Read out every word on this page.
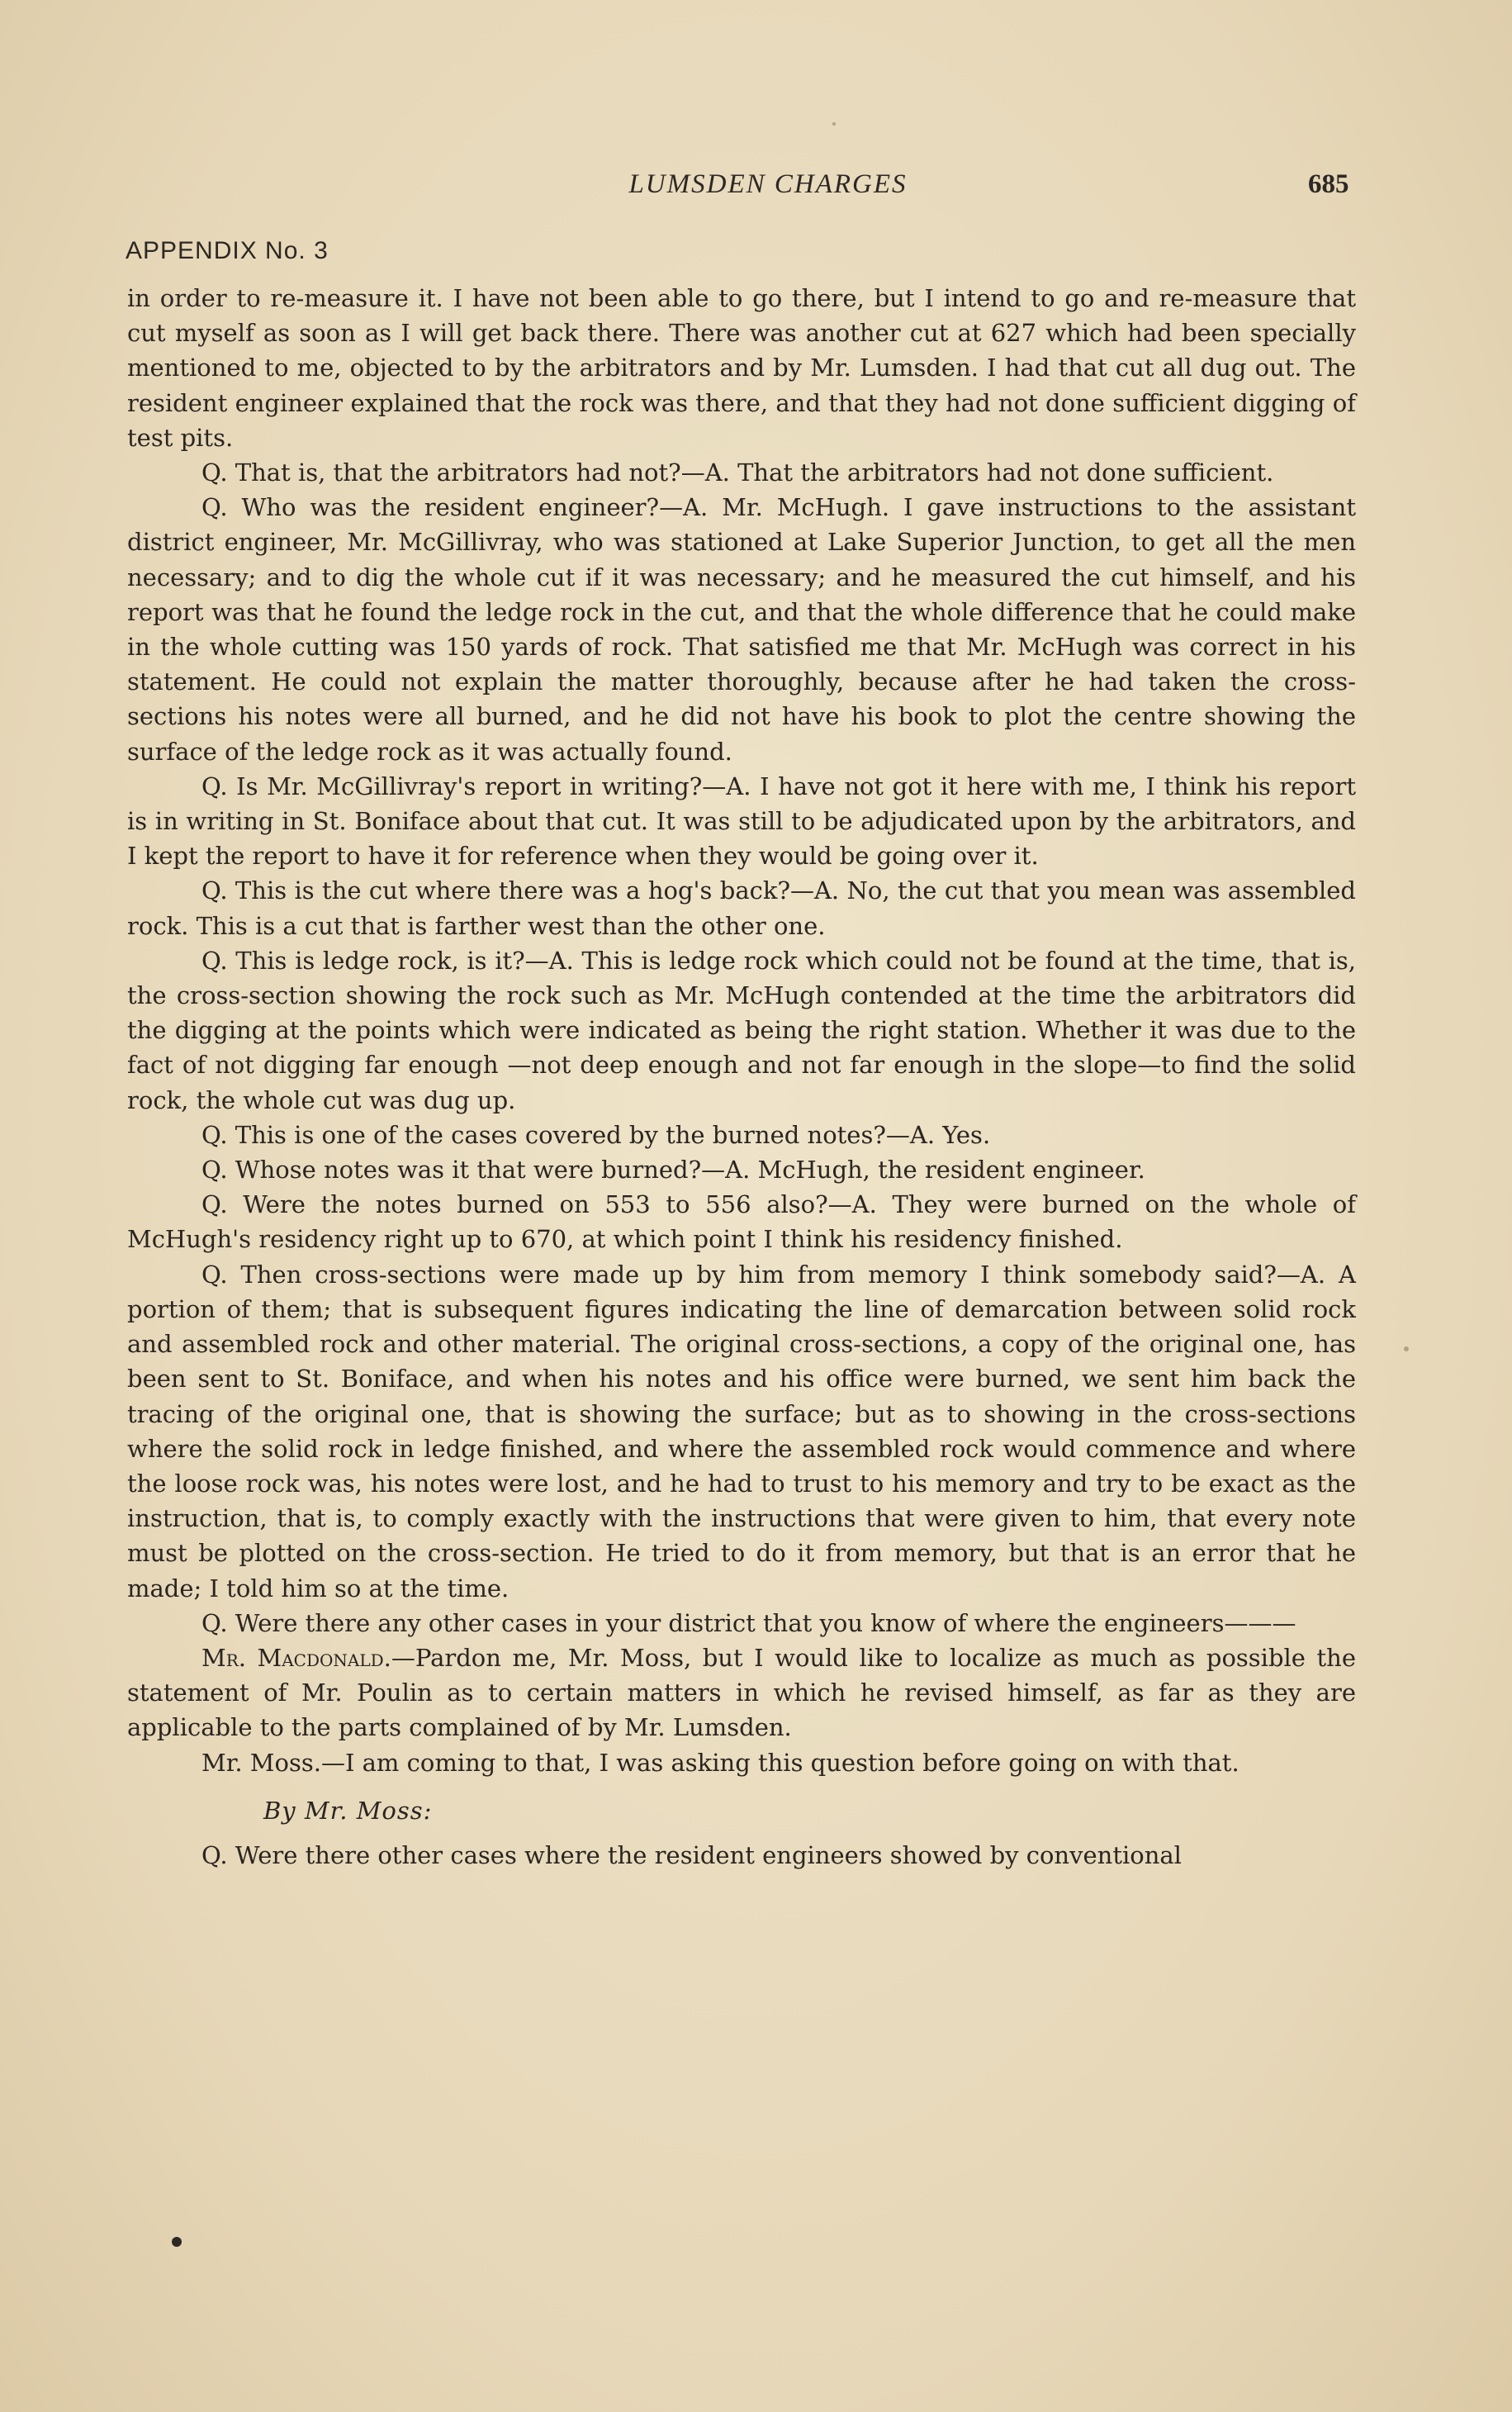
LUMSDEN CHARGES	685
APPENDIX No. 3

in order to re-measure it. I have not been able to go there, but I intend to go and re-measure that cut myself as soon as I will get back there. There was another cut at 627 which had been specially mentioned to me, objected to by the arbitrators and by Mr. Lumsden. I had that cut all dug out. The resident engineer explained that the rock was there, and that they had not done sufficient digging of test pits.

Q. That is, that the arbitrators had not?—A. That the arbitrators had not done sufficient.

Q. Who was the resident engineer?—A. Mr. McHugh. I gave instructions to the assistant district engineer, Mr. McGillivray, who was stationed at Lake Superior Junction, to get all the men necessary; and to dig the whole cut if it was necessary; and he measured the cut himself, and his report was that he found the ledge rock in the cut, and that the whole difference that he could make in the whole cutting was 150 yards of rock. That satisfied me that Mr. McHugh was correct in his statement. He could not explain the matter thoroughly, because after he had taken the cross-sections his notes were all burned, and he did not have his book to plot the centre showing the surface of the ledge rock as it was actually found.

Q. Is Mr. McGillivray's report in writing?—A. I have not got it here with me, I think his report is in writing in St. Boniface about that cut. It was still to be adjudicated upon by the arbitrators, and I kept the report to have it for reference when they would be going over it.

Q. This is the cut where there was a hog's back?—A. No, the cut that you mean was assembled rock. This is a cut that is farther west than the other one.

Q. This is ledge rock, is it?—A. This is ledge rock which could not be found at the time, that is, the cross-section showing the rock such as Mr. McHugh contended at the time the arbitrators did the digging at the points which were indicated as being the right station. Whether it was due to the fact of not digging far enough —not deep enough and not far enough in the slope—to find the solid rock, the whole cut was dug up.

Q. This is one of the cases covered by the burned notes?—A. Yes.

Q. Whose notes was it that were burned?—A. McHugh, the resident engineer.

Q. Were the notes burned on 553 to 556 also?—A. They were burned on the whole of McHugh's residency right up to 670, at which point I think his residency finished.

Q. Then cross-sections were made up by him from memory I think somebody said?—A. A portion of them; that is subsequent figures indicating the line of demarcation between solid rock and assembled rock and other material. The original cross-sections, a copy of the original one, has been sent to St. Boniface, and when his notes and his office were burned, we sent him back the tracing of the original one, that is showing the surface; but as to showing in the cross-sections where the solid rock in ledge finished, and where the assembled rock would commence and where the loose rock was, his notes were lost, and he had to trust to his memory and try to be exact as the instruction, that is, to comply exactly with the instructions that were given to him, that every note must be plotted on the cross-section. He tried to do it from memory, but that is an error that he made; I told him so at the time.

Q. Were there any other cases in your district that you know of where the engineers———

Mr. Macdonald.—Pardon me, Mr. Moss, but I would like to localize as much as possible the statement of Mr. Poulin as to certain matters in which he revised himself, as far as they are applicable to the parts complained of by Mr. Lumsden.

Mr. Moss.—I am coming to that, I was asking this question before going on with that.

By Mr. Moss:

Q. Were there other cases where the resident engineers showed by conventional
